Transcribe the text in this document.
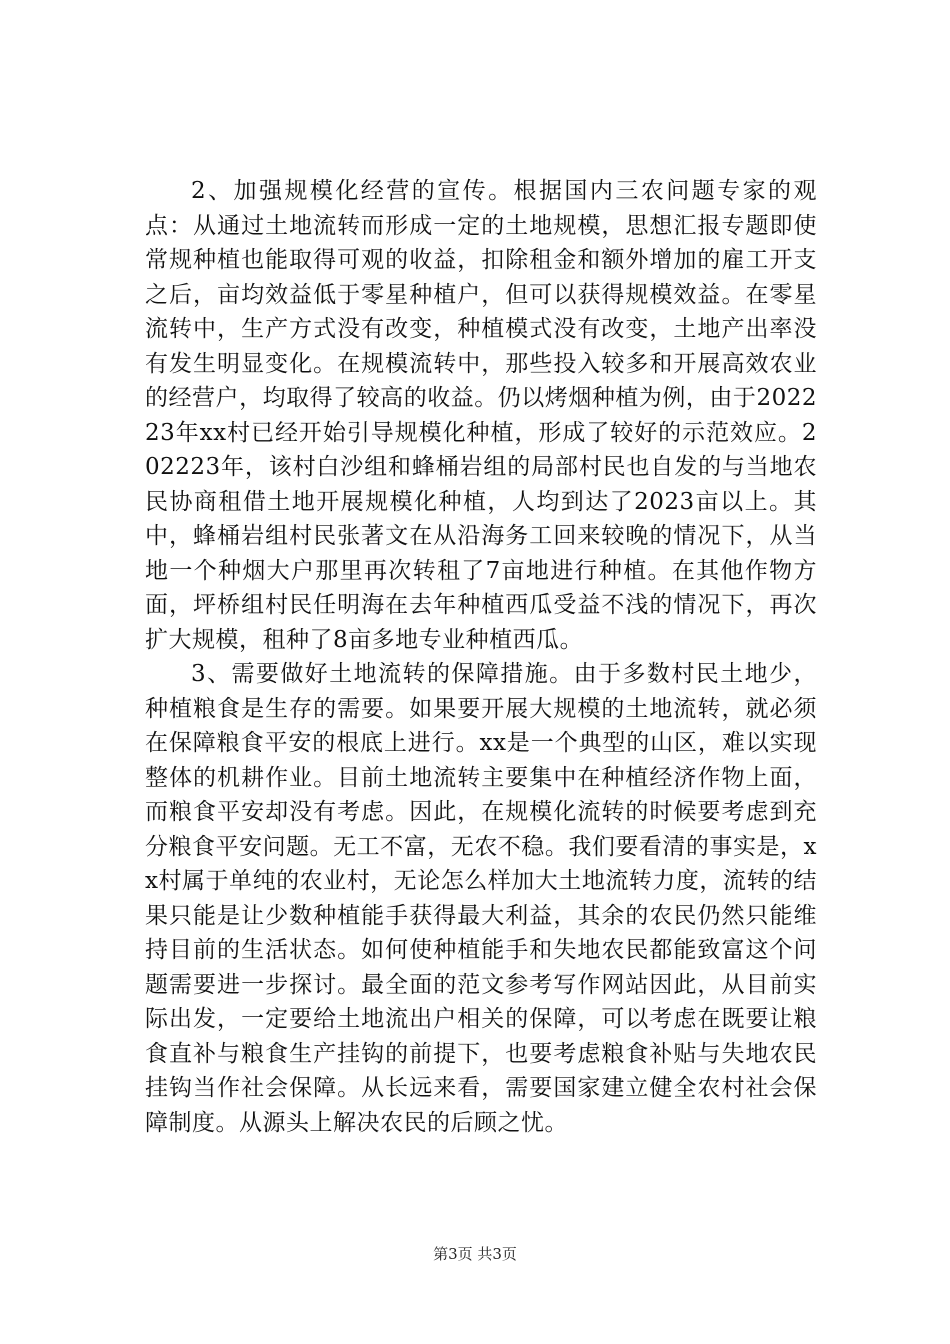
2、加强规模化经营的宣传。根据国内三农问题专家的观点：从通过土地流转而形成一定的土地规模，思想汇报专题即使常规种植也能取得可观的收益，扣除租金和额外增加的雇工开支之后，亩均效益低于零星种植户，但可以获得规模效益。在零星流转中，生产方式没有改变，种植模式没有改变，土地产出率没有发生明显变化。在规模流转中，那些投入较多和开展高效农业的经营户，均取得了较高的收益。仍以烤烟种植为例，由于202223年xx村已经开始引导规模化种植，形成了较好的示范效应。202223年，该村白沙组和蜂桶岩组的局部村民也自发的与当地农民协商租借土地开展规模化种植，人均到达了2023亩以上。其中，蜂桶岩组村民张著文在从沿海务工回来较晚的情况下，从当地一个种烟大户那里再次转租了7亩地进行种植。在其他作物方面，坪桥组村民任明海在去年种植西瓜受益不浅的情况下，再次扩大规模，租种了8亩多地专业种植西瓜。

3、需要做好土地流转的保障措施。由于多数村民土地少，种植粮食是生存的需要。如果要开展大规模的土地流转，就必须在保障粮食平安的根底上进行。xx是一个典型的山区，难以实现整体的机耕作业。目前土地流转主要集中在种植经济作物上面，而粮食平安却没有考虑。因此，在规模化流转的时候要考虑到充分粮食平安问题。无工不富，无农不稳。我们要看清的事实是，xx村属于单纯的农业村，无论怎么样加大土地流转力度，流转的结果只能是让少数种植能手获得最大利益，其余的农民仍然只能维持目前的生活状态。如何使种植能手和失地农民都能致富这个问题需要进一步探讨。最全面的范文参考写作网站因此，从目前实际出发，一定要给土地流出户相关的保障，可以考虑在既要让粮食直补与粮食生产挂钩的前提下，也要考虑粮食补贴与失地农民挂钩当作社会保障。从长远来看，需要国家建立健全农村社会保障制度。从源头上解决农民的后顾之忧。

第3页 共3页
